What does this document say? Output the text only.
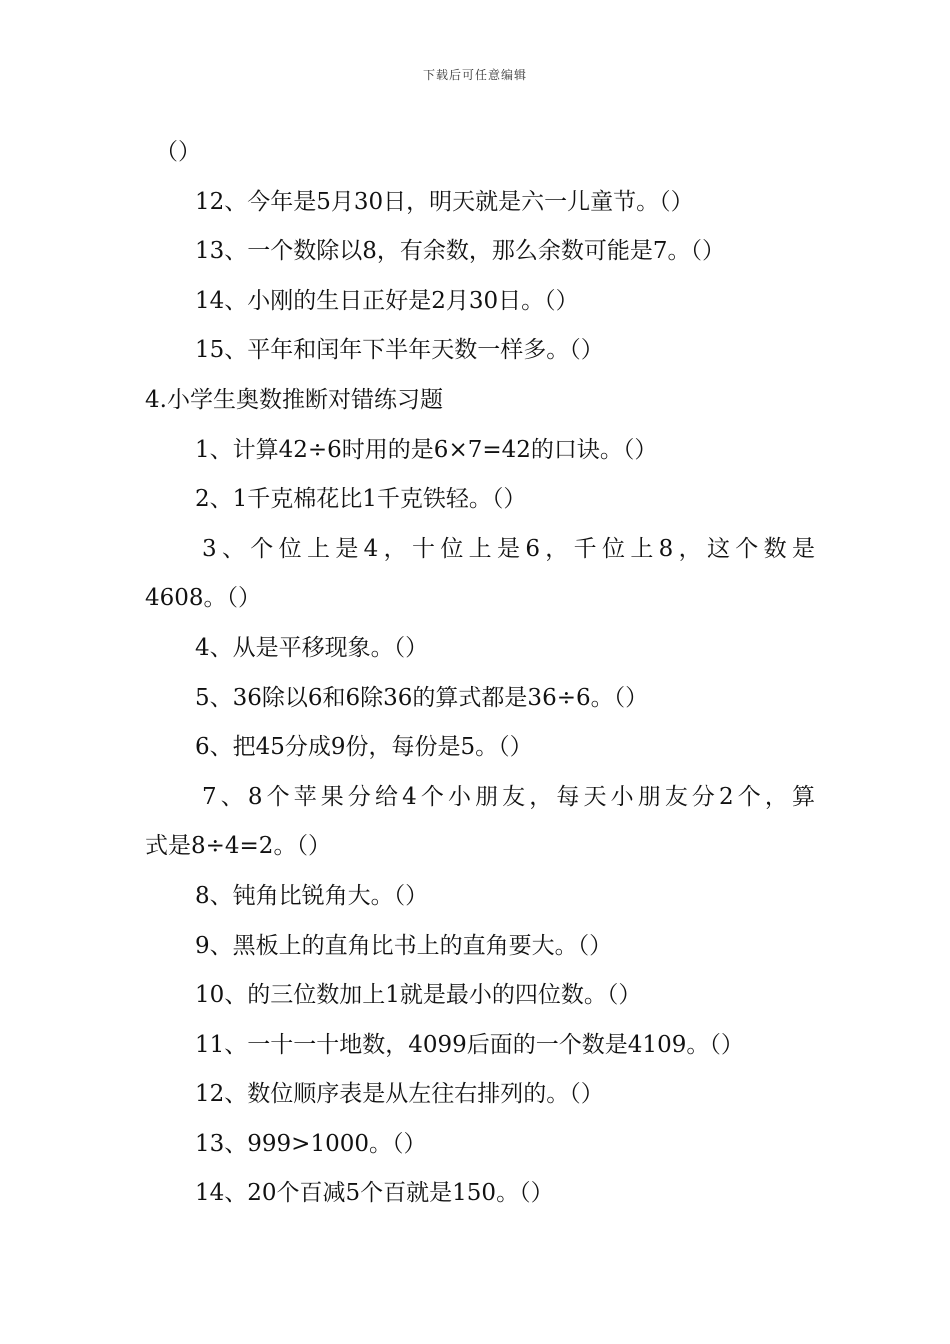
下载后可任意编辑
（）
12、今年是5月30日，明天就是六一儿童节。（）
13、一个数除以8，有余数，那么余数可能是7。（）
14、小刚的生日正好是2月30日。（）
15、平年和闰年下半年天数一样多。（）
4.小学生奥数推断对错练习题
1、计算42÷6时用的是6×7=42的口诀。（）
2、1千克棉花比1千克铁轻。（）
3、个位上是4，十位上是6，千位上8，这个数是
4608。（）
4、从是平移现象。（）
5、36除以6和6除36的算式都是36÷6。（）
6、把45分成9份，每份是5。（）
7、8个苹果分给4个小朋友，每天小朋友分2个，算
式是8÷4=2。（）
8、钝角比锐角大。（）
9、黑板上的直角比书上的直角要大。（）
10、的三位数加上1就是最小的四位数。（）
11、一十一十地数，4099后面的一个数是4109。（）
12、数位顺序表是从左往右排列的。（）
13、999>1000。（）
14、20个百减5个百就是150。（）
